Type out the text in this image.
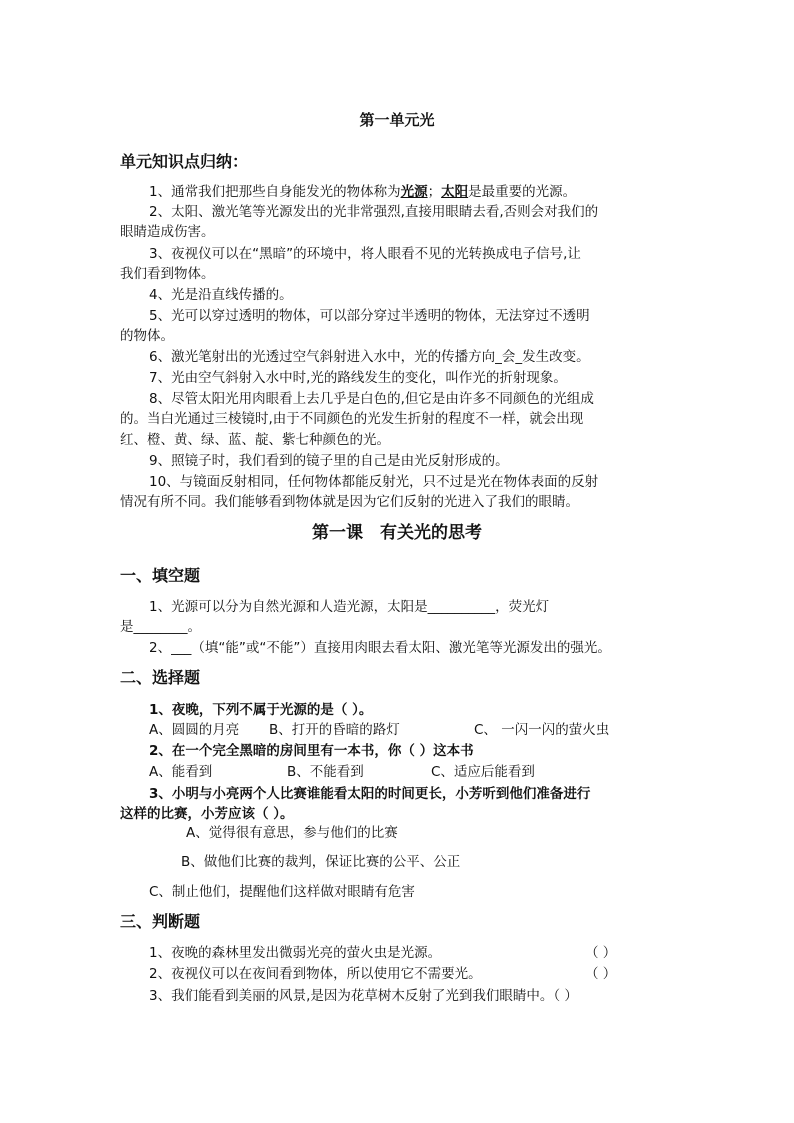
第一单元光
单元知识点归纳：
1、通常我们把那些自身能发光的物体称为光源；太阳是最重要的光源。
2、太阳、激光笔等光源发出的光非常强烈,直接用眼睛去看,否则会对我们的
眼睛造成伤害。
3、夜视仪可以在“黑暗”的环境中，将人眼看不见的光转换成电子信号,让
我们看到物体。
4、光是沿直线传播的。
5、光可以穿过透明的物体，可以部分穿过半透明的物体，无法穿过不透明
的物体。
6、激光笔射出的光透过空气斜射进入水中，光的传播方向_会_发生改变。
7、光由空气斜射入水中时,光的路线发生的变化，叫作光的折射现象。
8、尽管太阳光用肉眼看上去几乎是白色的,但它是由许多不同颜色的光组成
的。当白光通过三棱镜时,由于不同颜色的光发生折射的程度不一样，就会出现
红、橙、黄、绿、蓝、靛、紫七种颜色的光。
9、照镜子时，我们看到的镜子里的自己是由光反射形成的。
10、与镜面反射相同，任何物体都能反射光，只不过是光在物体表面的反射
情况有所不同。我们能够看到物体就是因为它们反射的光进入了我们的眼睛。
第一课　有关光的思考
一、填空题
1、光源可以分为自然光源和人造光源，太阳是__________，荧光灯
是________。
2、___（填“能”或“不能”）直接用肉眼去看太阳、激光笔等光源发出的强光。
二、选择题
1、夜晚，下列不属于光源的是（ ）。
A、圆圆的月亮 B、打开的昏暗的路灯	C、 一闪一闪的萤火虫
2、在一个完全黑暗的房间里有一本书，你（ ）这本书
A、能看到	B、不能看到	C、适应后能看到
3、小明与小亮两个人比赛谁能看太阳的时间更长，小芳听到他们准备进行
这样的比赛，小芳应该（ ）。
A、觉得很有意思，参与他们的比赛
B、做他们比赛的裁判，保证比赛的公平、公正
C、制止他们，提醒他们这样做对眼睛有危害
三、判断题
1、夜晚的森林里发出微弱光亮的萤火虫是光源。	（ ）
2、夜视仪可以在夜间看到物体，所以使用它不需要光。	（ ）
3、我们能看到美丽的风景,是因为花草树木反射了光到我们眼睛中。（ ）
